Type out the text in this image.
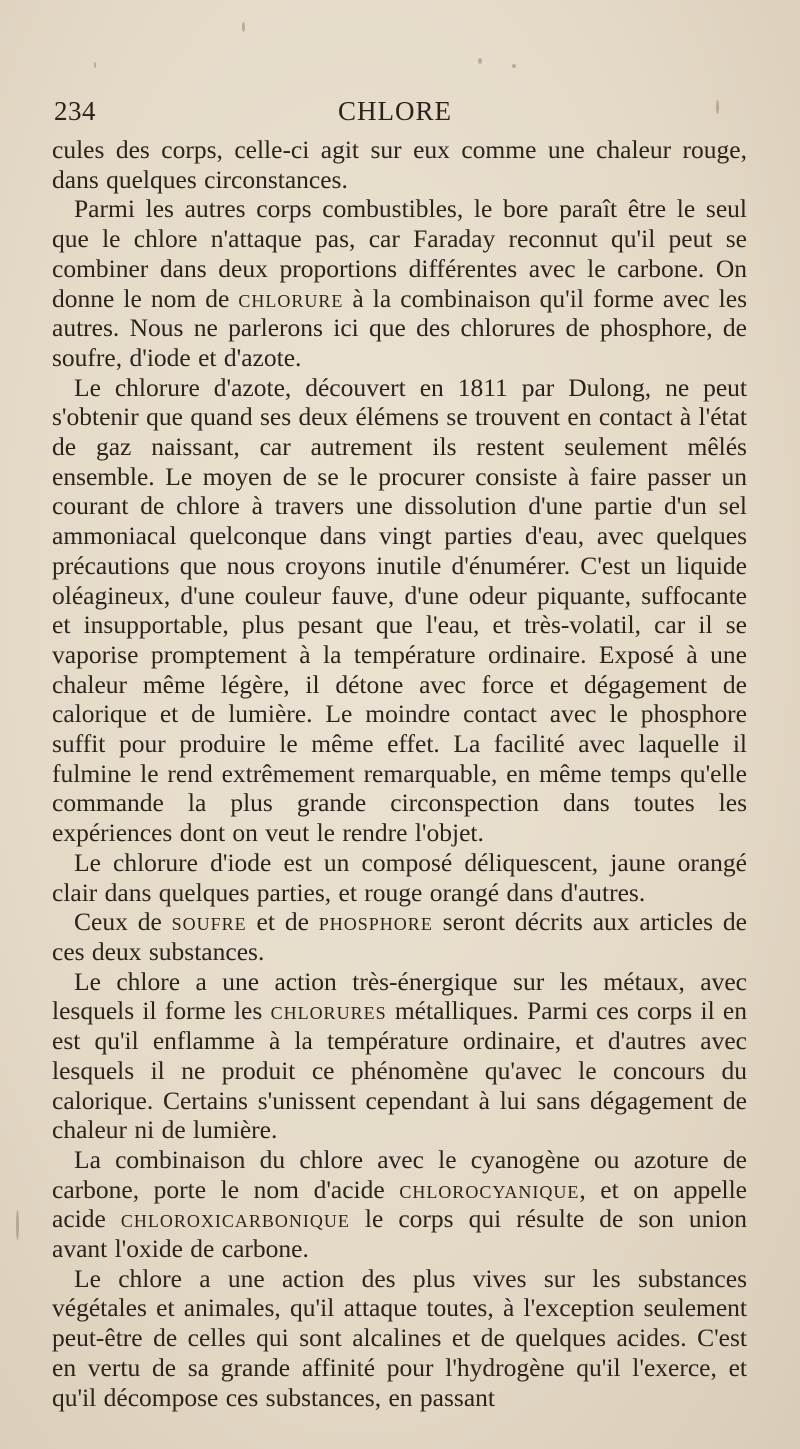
234	CHLORE

cules des corps, celle-ci agit sur eux comme une chaleur rouge, dans quelques circonstances.

Parmi les autres corps combustibles, le bore paraît être le seul que le chlore n'attaque pas, car Faraday reconnut qu'il peut se combiner dans deux proportions différentes avec le carbone. On donne le nom de chlorure à la combinaison qu'il forme avec les autres. Nous ne parlerons ici que des chlorures de phosphore, de soufre, d'iode et d'azote.

Le chlorure d'azote, découvert en 1811 par Dulong, ne peut s'obtenir que quand ses deux élémens se trouvent en contact à l'état de gaz naissant, car autrement ils restent seulement mêlés ensemble. Le moyen de se le procurer consiste à faire passer un courant de chlore à travers une dissolution d'une partie d'un sel ammoniacal quelconque dans vingt parties d'eau, avec quelques précautions que nous croyons inutile d'énumérer. C'est un liquide oléagineux, d'une couleur fauve, d'une odeur piquante, suffocante et insupportable, plus pesant que l'eau, et très-volatil, car il se vaporise promptement à la température ordinaire. Exposé à une chaleur même légère, il détone avec force et dégagement de calorique et de lumière. Le moindre contact avec le phosphore suffit pour produire le même effet. La facilité avec laquelle il fulmine le rend extrêmement remarquable, en même temps qu'elle commande la plus grande circonspection dans toutes les expériences dont on veut le rendre l'objet.

Le chlorure d'iode est un composé déliquescent, jaune orangé clair dans quelques parties, et rouge orangé dans d'autres.

Ceux de soufre et de phosphore seront décrits aux articles de ces deux substances.

Le chlore a une action très-énergique sur les métaux, avec lesquels il forme les chlorures métalliques. Parmi ces corps il en est qu'il enflamme à la température ordinaire, et d'autres avec lesquels il ne produit ce phénomène qu'avec le concours du calorique. Certains s'unissent cependant à lui sans dégagement de chaleur ni de lumière.

La combinaison du chlore avec le cyanogène ou azoture de carbone, porte le nom d'acide chlorocyanique, et on appelle acide chloroxicarbonique le corps qui résulte de son union avant l'oxide de carbone.

Le chlore a une action des plus vives sur les substances végétales et animales, qu'il attaque toutes, à l'exception seulement peut-être de celles qui sont alcalines et de quelques acides. C'est en vertu de sa grande affinité pour l'hydrogène qu'il l'exerce, et qu'il décompose ces substances, en passant
